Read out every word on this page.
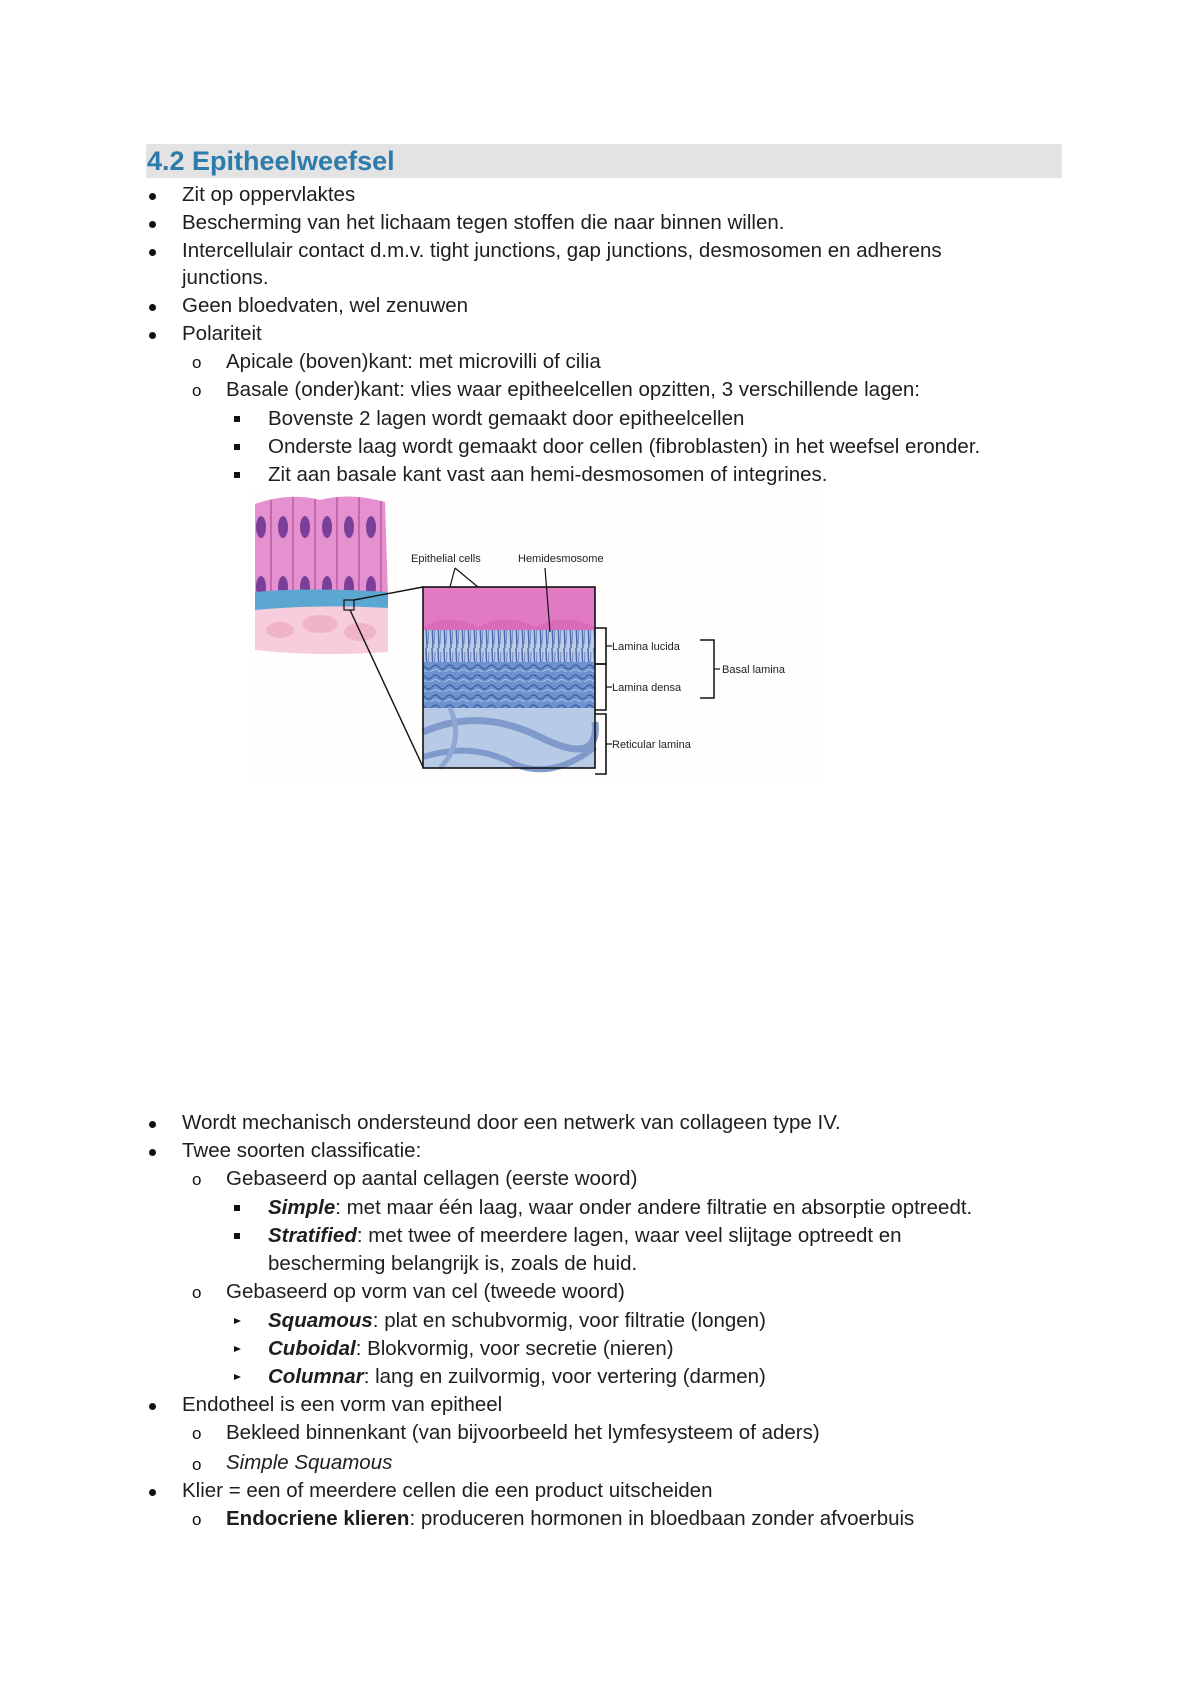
4.2 Epitheelweefsel
Zit op oppervlaktes
Bescherming van het lichaam tegen stoffen die naar binnen willen.
Intercellulair contact d.m.v. tight junctions, gap junctions, desmosomen en adherens
junctions.
Geen bloedvaten, wel zenuwen
Polariteit
o Apicale (boven)kant: met microvilli of cilia
o Basale (onder)kant: vlies waar epitheelcellen opzitten, 3 verschillende lagen:
Bovenste 2 lagen wordt gemaakt door epitheelcellen
Onderste laag wordt gemaakt door cellen (fibroblasten) in het weefsel eronder.
Zit aan basale kant vast aan hemi-desmosomen of integrines.
Epithelial cells	Hemidesmosome
Lamina lucida
Lamina densa
Reticular lamina
Basal lamina
Wordt mechanisch ondersteund door een netwerk van collageen type IV.
Twee soorten classificatie:
o Gebaseerd op aantal cellagen (eerste woord)
Simple: met maar één laag, waar onder andere filtratie en absorptie optreedt.
Stratified: met twee of meerdere lagen, waar veel slijtage optreedt en
bescherming belangrijk is, zoals de huid.
o Gebaseerd op vorm van cel (tweede woord)
Squamous: plat en schubvormig, voor filtratie (longen)
Cuboidal: Blokvormig, voor secretie (nieren)
Columnar: lang en zuilvormig, voor vertering (darmen)
Endotheel is een vorm van epitheel
o Bekleed binnenkant (van bijvoorbeeld het lymfesysteem of aders)
o Simple Squamous
Klier = een of meerdere cellen die een product uitscheiden
o Endocriene klieren: produceren hormonen in bloedbaan zonder afvoerbuis
